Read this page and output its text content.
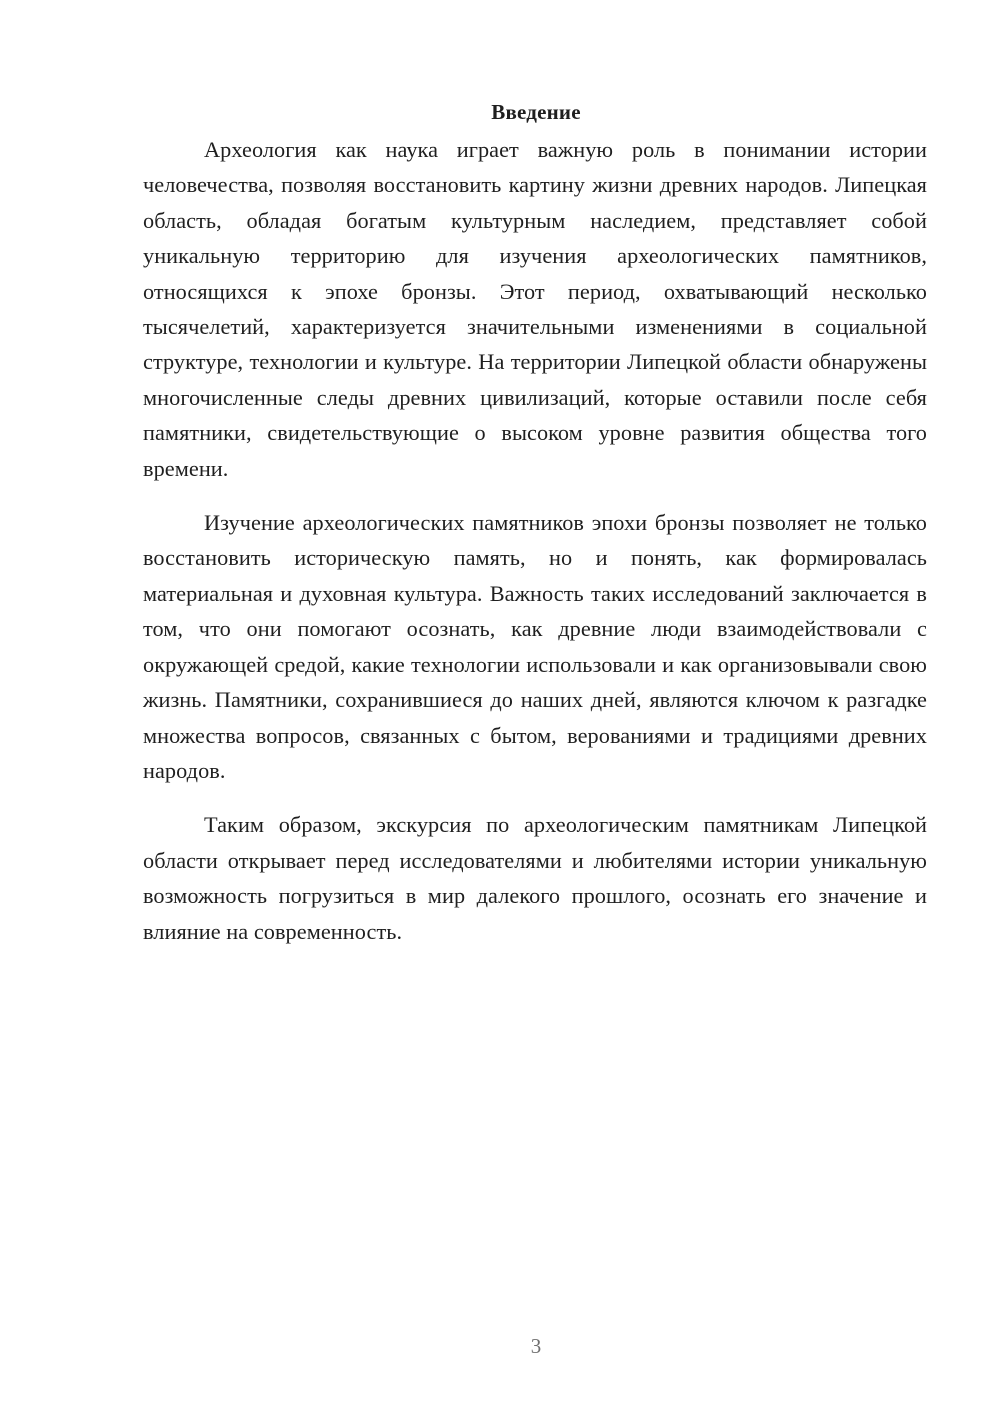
Введение

Археология как наука играет важную роль в понимании истории человечества, позволяя восстановить картину жизни древних народов. Липецкая область, обладая богатым культурным наследием, представляет собой уникальную территорию для изучения археологических памятников, относящихся к эпохе бронзы. Этот период, охватывающий несколько тысячелетий, характеризуется значительными изменениями в социальной структуре, технологии и культуре. На территории Липецкой области обнаружены многочисленные следы древних цивилизаций, которые оставили после себя памятники, свидетельствующие о высоком уровне развития общества того времени.

Изучение археологических памятников эпохи бронзы позволяет не только восстановить историческую память, но и понять, как формировалась материальная и духовная культура. Важность таких исследований заключается в том, что они помогают осознать, как древние люди взаимодействовали с окружающей средой, какие технологии использовали и как организовывали свою жизнь. Памятники, сохранившиеся до наших дней, являются ключом к разгадке множества вопросов, связанных с бытом, верованиями и традициями древних народов.

Таким образом, экскурсия по археологическим памятникам Липецкой области открывает перед исследователями и любителями истории уникальную возможность погрузиться в мир далекого прошлого, осознать его значение и влияние на современность.

3
